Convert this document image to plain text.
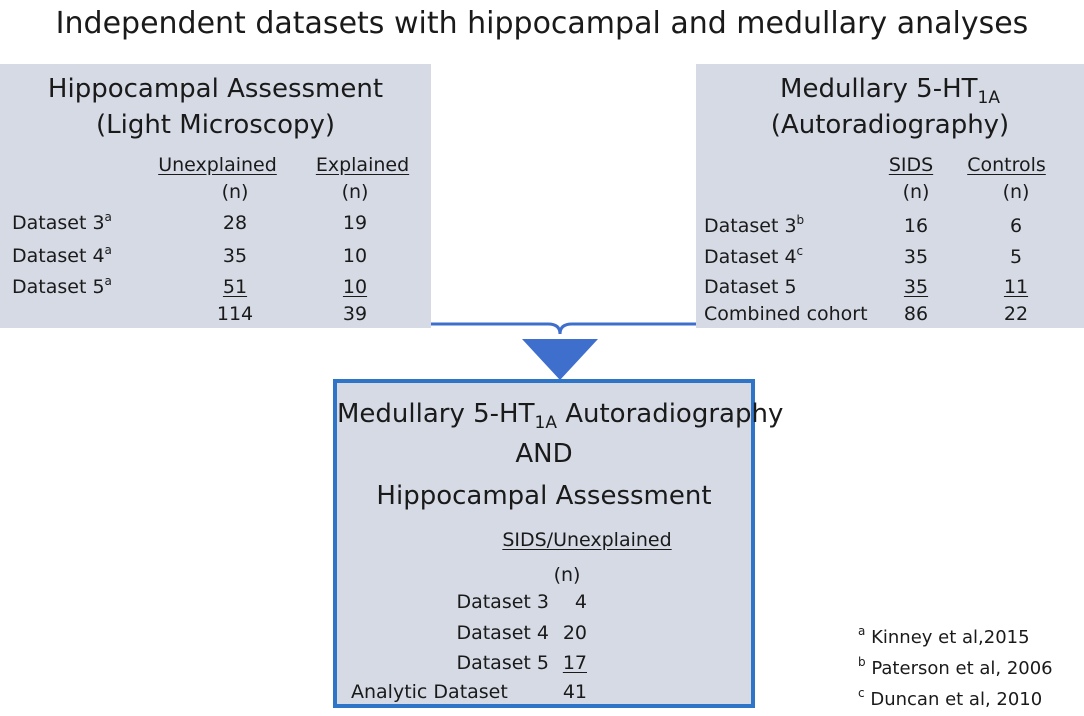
Independent datasets with hippocampal and medullary analyses
Hippocampal Assessment
(Light Microscopy)
Unexplained	Explained
(n)	(n)
Dataset 3$^a$	28	19
Dataset 4$^a$	35	10
Dataset 5$^a$	51	10
114	39
Medullary $5-HT_{1A}$
(Autoradiography)
SIDS	Controls
(n)	(n)
Dataset 3$^b$	16	6
Dataset 4$^c$	35	5
Dataset 5	35	11
Combined cohort	86	22
Medullary $5-HT_{1A}$ Autoradiography
AND
Hippocampal Assessment
SIDS/Unexplained
(n)
Dataset 3	4
Dataset 4 20
Dataset 5 17
Analytic Dataset	41
$^a$ Kinney et al,2015
$^b$ Paterson et al, 2006
$^c$ Duncan et al, 2010
